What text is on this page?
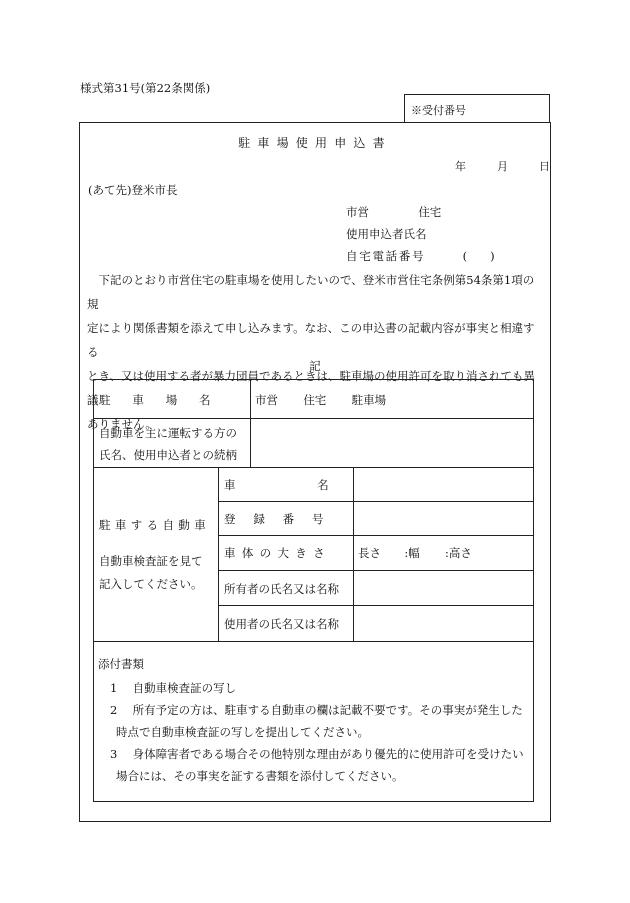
様式第31号(第22条関係)
※受付番号
駐車場使用申込書
年	月	日
(あて先)登米市長
市営	住宅
使用申込者氏名
自宅電話番号	(　　)

下記のとおり市営住宅の駐車場を使用したいので、登米市営住宅条例第54条第1項の規

定により関係書類を添えて申し込みます。なお、この申込書の記載内容が事実と相違する

とき、又は使用する者が暴力団員であるときは、駐車場の使用許可を取り消されても異議

ありません。

記
駐車場名 市営 住宅 駐車場
自動車を主に運転する方の
氏名、使用申込者との続柄
駐車する自動車
自動車検査証を見て
記入してください。
車名
登録番号
車体の大きさ 長さ :幅 :高さ
所有者の氏名又は名称
使用者の氏名又は名称
添付書類
1 自動車検査証の写し
2 所有予定の方は、駐車する自動車の欄は記載不要です。その事実が発生した
時点で自動車検査証の写しを提出してください。
3 身体障害者である場合その他特別な理由があり優先的に使用許可を受けたい
場合には、その事実を証する書類を添付してください。
